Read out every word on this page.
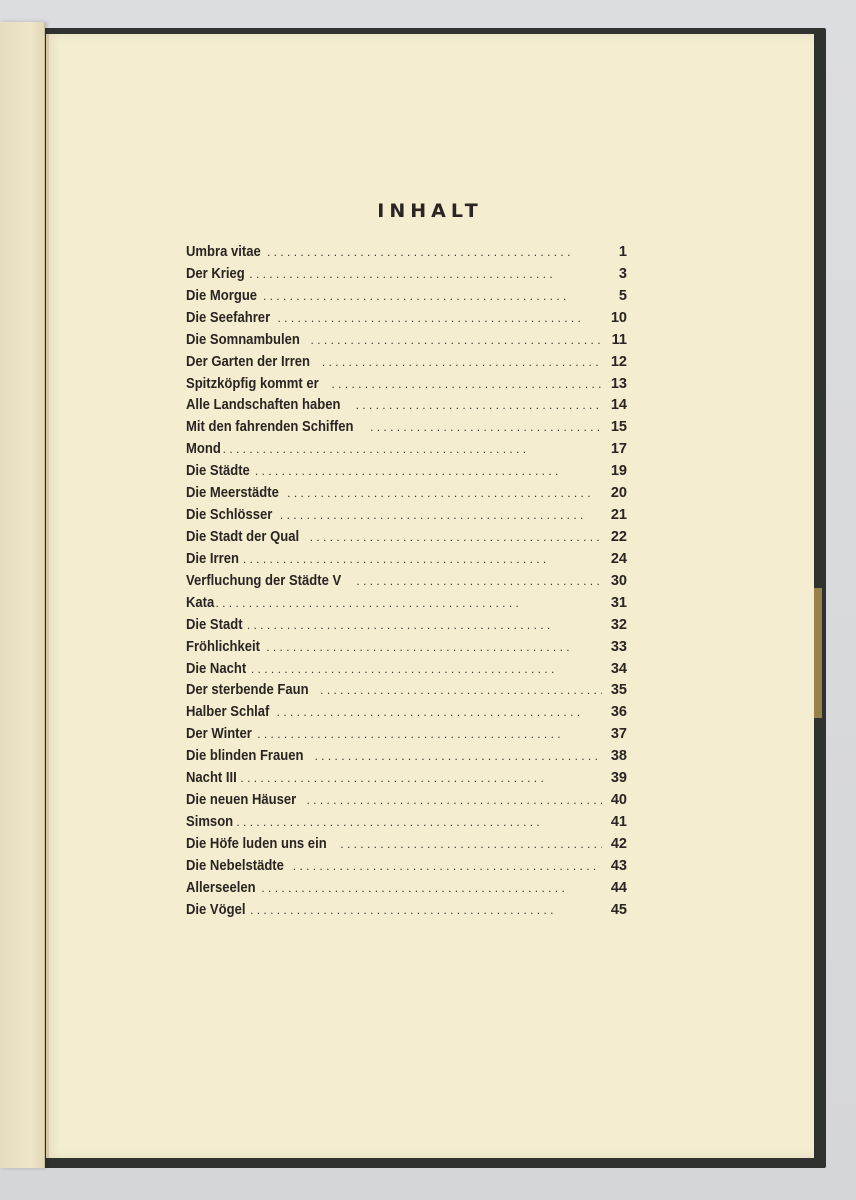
INHALT
Umbra vitae . .	1
Der Krieg . .	3
Die Morgue . .	5
Die Seefahrer . .	10
Die Somnambulen . .	11
Der Garten der Irren . .	12
Spitzköpfig kommt er . .	13
Alle Landschaften haben . .	14
Mit den fahrenden Schiffen . .	15
Mond . .	17
Die Städte . .	19
Die Meerstädte . .	20
Die Schlösser . .	21
Die Stadt der Qual . .	22
Die Irren . .	24
Verfluchung der Städte V . .	30
Kata . .	31
Die Stadt . .	32
Fröhlichkeit . .	33
Die Nacht . .	34
Der sterbende Faun . .	35
Halber Schlaf . .	36
Der Winter . .	37
Die blinden Frauen . .	38
Nacht III . .	39
Die neuen Häuser . .	40
Simson . .	41
Die Höfe luden uns ein . .	42
Die Nebelstädte . .	43
Allerseelen . .	44
Die Vögel . .	45
